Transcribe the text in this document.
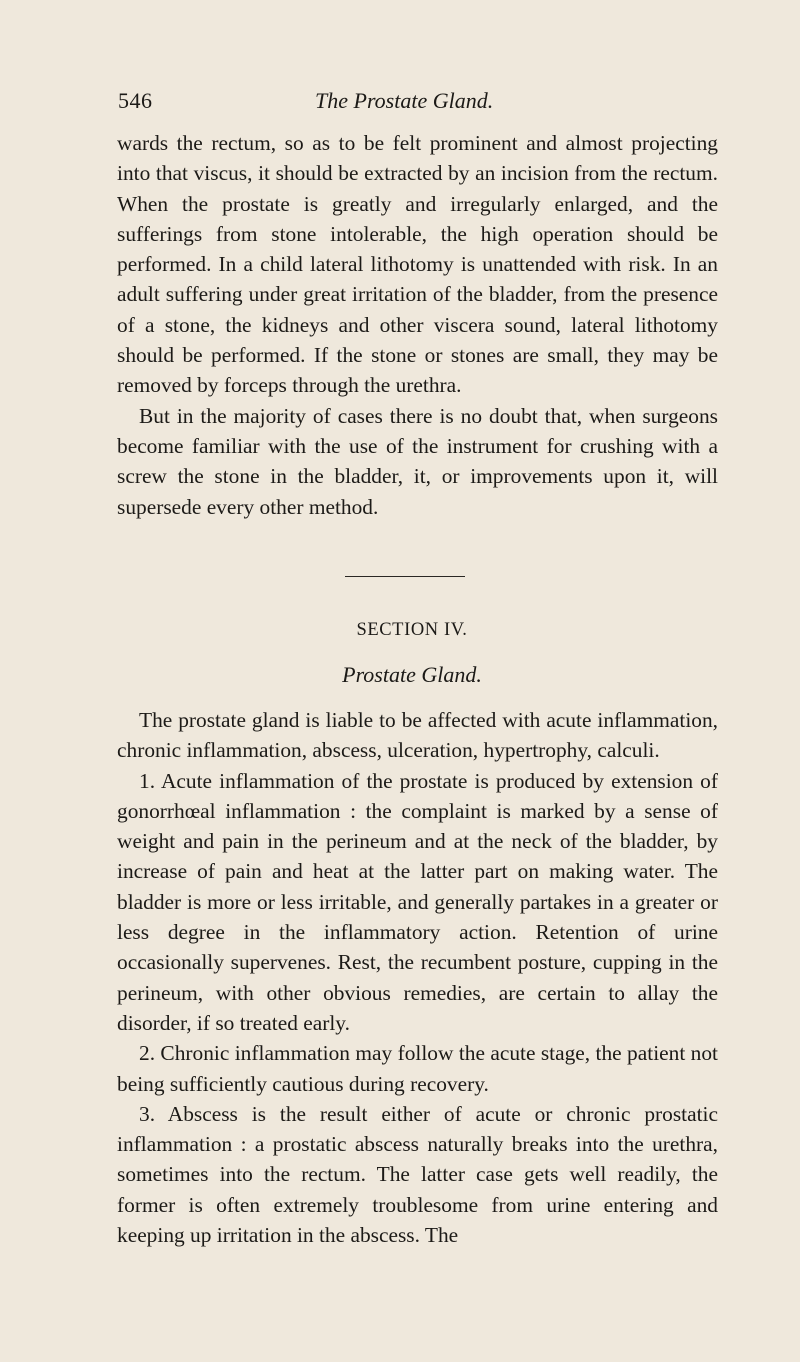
546	The Prostate Gland.

wards the rectum, so as to be felt prominent and almost projecting into that viscus, it should be extracted by an incision from the rectum. When the prostate is greatly and irregularly enlarged, and the sufferings from stone intolerable, the high operation should be performed. In a child lateral lithotomy is unattended with risk. In an adult suffering under great irritation of the bladder, from the presence of a stone, the kidneys and other viscera sound, lateral lithotomy should be performed. If the stone or stones are small, they may be removed by forceps through the urethra.

But in the majority of cases there is no doubt that, when surgeons become familiar with the use of the instrument for crushing with a screw the stone in the bladder, it, or improvements upon it, will supersede every other method.

SECTION IV.
Prostate Gland.

The prostate gland is liable to be affected with acute inflammation, chronic inflammation, abscess, ulceration, hypertrophy, calculi.

1. Acute inflammation of the prostate is produced by extension of gonorrhœal inflammation : the complaint is marked by a sense of weight and pain in the perineum and at the neck of the bladder, by increase of pain and heat at the latter part on making water. The bladder is more or less irritable, and generally partakes in a greater or less degree in the inflammatory action. Retention of urine occasionally supervenes. Rest, the recumbent posture, cupping in the perineum, with other obvious remedies, are certain to allay the disorder, if so treated early.

2. Chronic inflammation may follow the acute stage, the patient not being sufficiently cautious during recovery.

3. Abscess is the result either of acute or chronic prostatic inflammation : a prostatic abscess naturally breaks into the urethra, sometimes into the rectum. The latter case gets well readily, the former is often extremely troublesome from urine entering and keeping up irritation in the abscess. The
